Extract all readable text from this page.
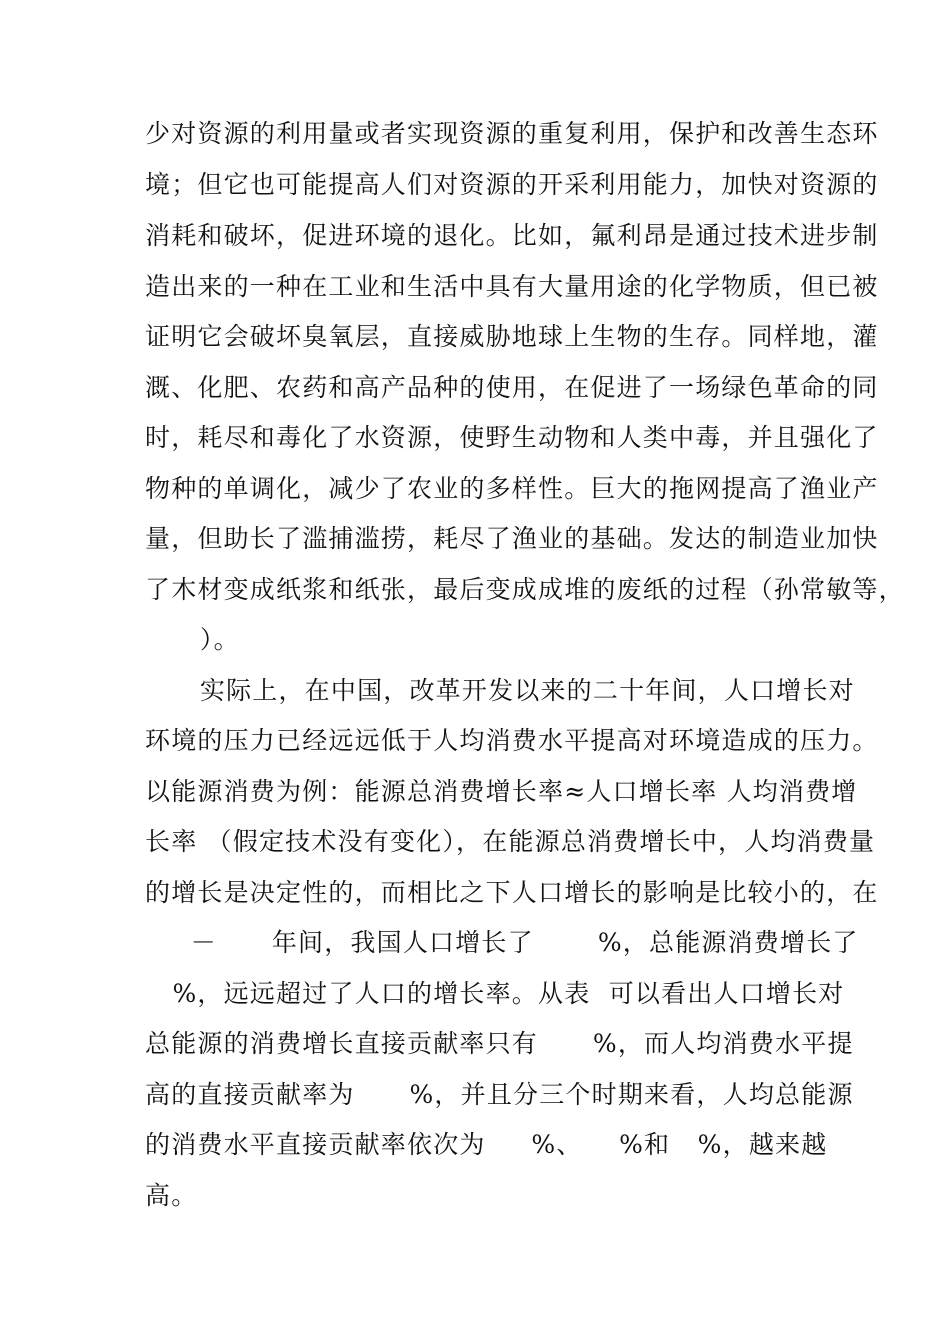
少对资源的利用量或者实现资源的重复利用，保护和改善生态环
境；但它也可能提高人们对资源的开采利用能力，加快对资源的
消耗和破坏，促进环境的退化。比如，氟利昂是通过技术进步制
造出来的一种在工业和生活中具有大量用途的化学物质，但已被
证明它会破坏臭氧层，直接威胁地球上生物的生存。同样地，灌
溉、化肥、农药和高产品种的使用，在促进了一场绿色革命的同
时，耗尽和毒化了水资源，使野生动物和人类中毒，并且强化了
物种的单调化，减少了农业的多样性。巨大的拖网提高了渔业产
量，但助长了滥捕滥捞，耗尽了渔业的基础。发达的制造业加快
了木材变成纸浆和纸张，最后变成成堆的废纸的过程（孙常敏等，
）。
实际上，在中国，改革开发以来的二十年间，人口增长对
环境的压力已经远远低于人均消费水平提高对环境造成的压力。
以能源消费为例：能源总消费增长率≈人口增长率 人均消费增
长率 （假定技术没有变化），在能源总消费增长中，人均消费量
的增长是决定性的，而相比之下人口增长的影响是比较小的，在
－      年间，我国人口增长了       %，总能源消费增长了
%，远远超过了人口的增长率。从表  可以看出人口增长对
总能源的消费增长直接贡献率只有      %，而人均消费水平提
高的直接贡献率为      %，并且分三个时期来看，人均总能源
的消费水平直接贡献率依次为     %、    %和   %，越来越
高。
